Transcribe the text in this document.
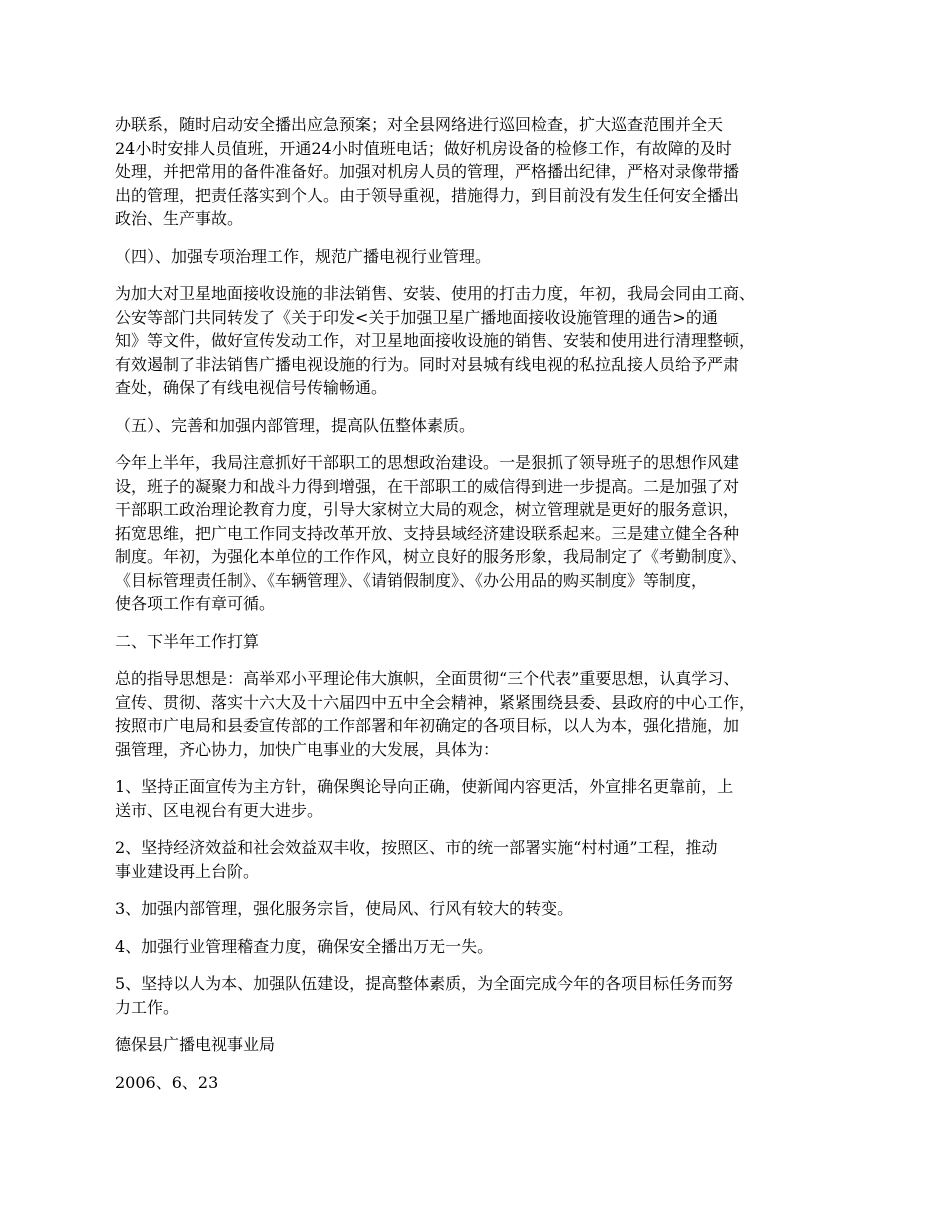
办联系，随时启动安全播出应急预案；对全县网络进行巡回检查，扩大巡查范围并全天
24小时安排人员值班，开通24小时值班电话；做好机房设备的检修工作，有故障的及时
处理，并把常用的备件准备好。加强对机房人员的管理，严格播出纪律，严格对录像带播
出的管理，把责任落实到个人。由于领导重视，措施得力，到目前没有发生任何安全播出
政治、生产事故。

（四）、加强专项治理工作，规范广播电视行业管理。

为加大对卫星地面接收设施的非法销售、安装、使用的打击力度，年初，我局会同由工商、
公安等部门共同转发了《关于印发<关于加强卫星广播地面接收设施管理的通告>的通
知》等文件，做好宣传发动工作，对卫星地面接收设施的销售、安装和使用进行清理整顿，
有效遏制了非法销售广播电视设施的行为。同时对县城有线电视的私拉乱接人员给予严肃
查处，确保了有线电视信号传输畅通。

（五）、完善和加强内部管理，提高队伍整体素质。

今年上半年，我局注意抓好干部职工的思想政治建设。一是狠抓了领导班子的思想作风建
设，班子的凝聚力和战斗力得到增强，在干部职工的威信得到进一步提高。二是加强了对
干部职工政治理论教育力度，引导大家树立大局的观念，树立管理就是更好的服务意识，
拓宽思维，把广电工作同支持改革开放、支持县域经济建设联系起来。三是建立健全各种
制度。年初，为强化本单位的工作作风，树立良好的服务形象，我局制定了《考勤制度》、
《目标管理责任制》、《车辆管理》、《请销假制度》、《办公用品的购买制度》等制度，
使各项工作有章可循。

二、下半年工作打算

总的指导思想是：高举邓小平理论伟大旗帜，全面贯彻“三个代表”重要思想，认真学习、
宣传、贯彻、落实十六大及十六届四中五中全会精神，紧紧围绕县委、县政府的中心工作，
按照市广电局和县委宣传部的工作部署和年初确定的各项目标，以人为本，强化措施，加
强管理，齐心协力，加快广电事业的大发展，具体为：

1、坚持正面宣传为主方针，确保舆论导向正确，使新闻内容更活，外宣排名更靠前，上
送市、区电视台有更大进步。

2、坚持经济效益和社会效益双丰收，按照区、市的统一部署实施“村村通”工程，推动
事业建设再上台阶。

3、加强内部管理，强化服务宗旨，使局风、行风有较大的转变。

4、加强行业管理稽查力度，确保安全播出万无一失。

5、坚持以人为本、加强队伍建设，提高整体素质，为全面完成今年的各项目标任务而努
力工作。

德保县广播电视事业局

2006、6、23
